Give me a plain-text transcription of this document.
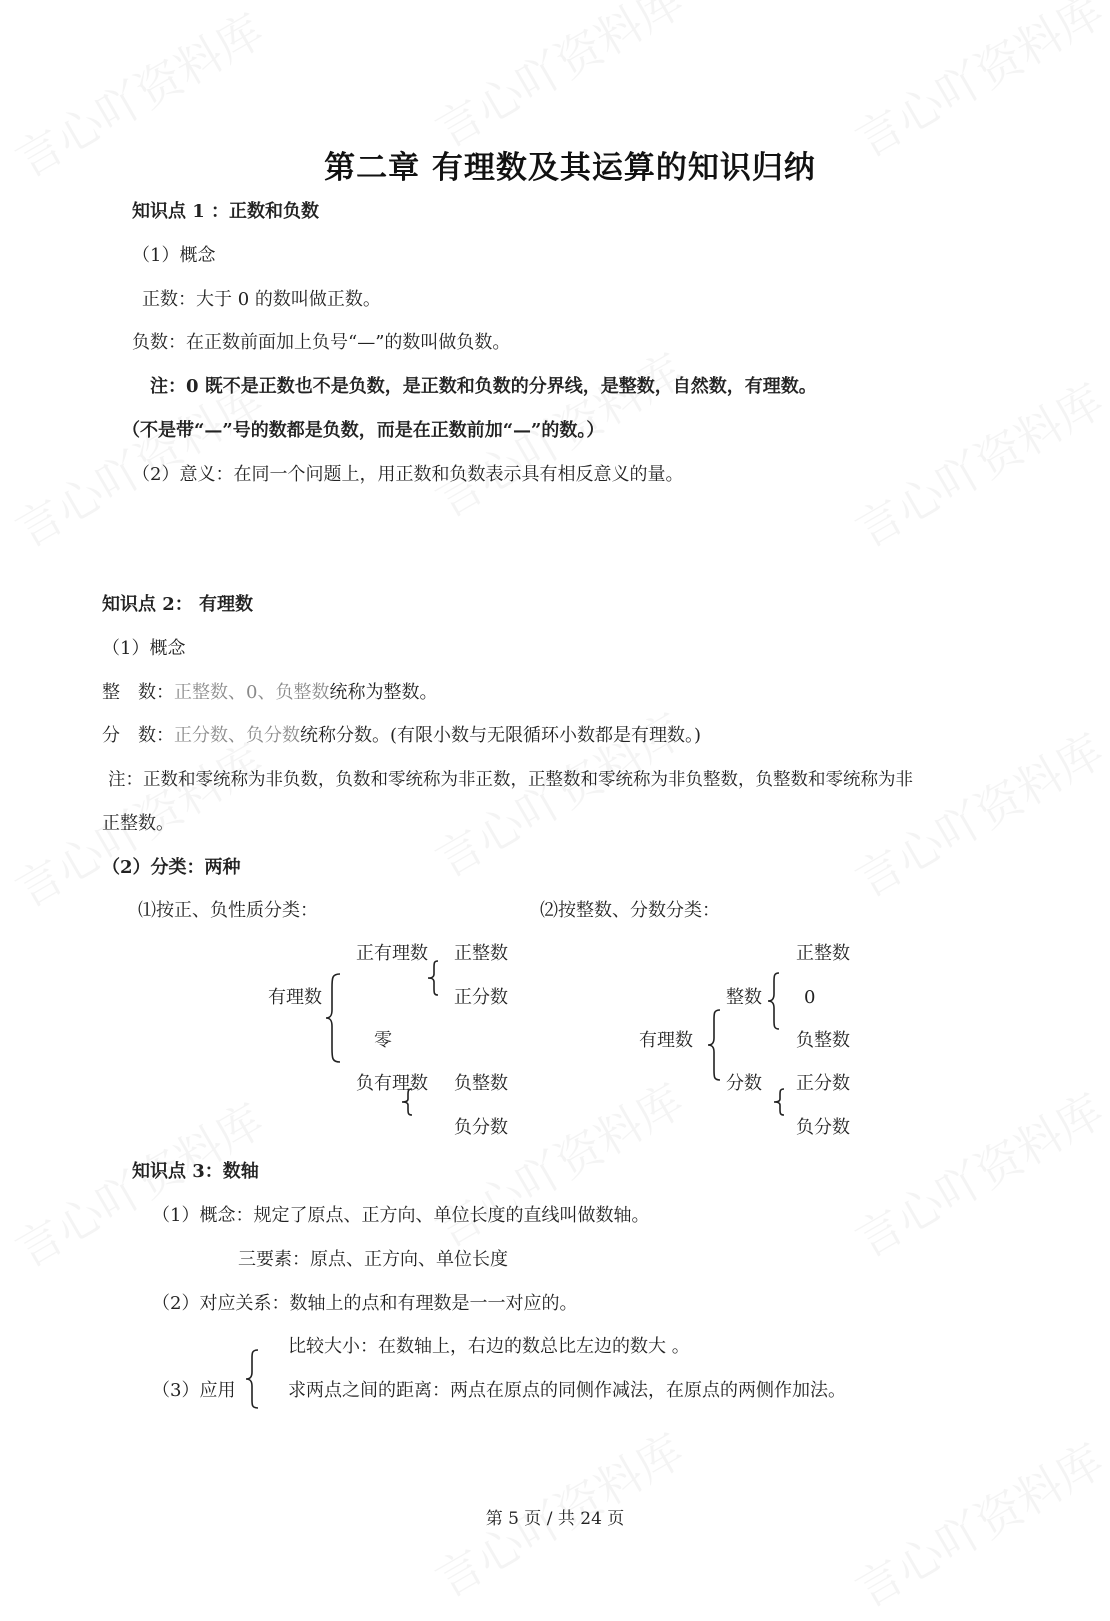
第二章 有理数及其运算的知识归纳
知识点 1 ：正数和负数
（1）概念
正数：大于 0 的数叫做正数。
负数：在正数前面加上负号“—”的数叫做负数。
注：0 既不是正数也不是负数，是正数和负数的分界线，是整数，自然数，有理数。
（不是带“—”号的数都是负数，而是在正数前加“—”的数。）
（2）意义：在同一个问题上，用正数和负数表示具有相反意义的量。
知识点 2： 有理数
（1）概念
整　数：正整数、0、负整数统称为整数。
分　数：正分数、负分数统称分数。(有限小数与无限循环小数都是有理数。)
注：正数和零统称为非负数，负数和零统称为非正数，正整数和零统称为非负整数，负整数和零统称为非
正整数。
（2）分类：两种
⑴按正、负性质分类：	⑵按整数、分数分类：
有理数
正有理数
零
负有理数
正整数
正分数
负整数
负分数
有理数
整数
分数
正整数
0
负整数
正分数
负分数
知识点 3：数轴
（1）概念：规定了原点、正方向、单位长度的直线叫做数轴。
三要素：原点、正方向、单位长度
（2）对应关系：数轴上的点和有理数是一一对应的。
比较大小：在数轴上，右边的数总比左边的数大 。
（3）应用	求两点之间的距离：两点在原点的同侧作减法，在原点的两侧作加法。
第 5 页 / 共 24 页
